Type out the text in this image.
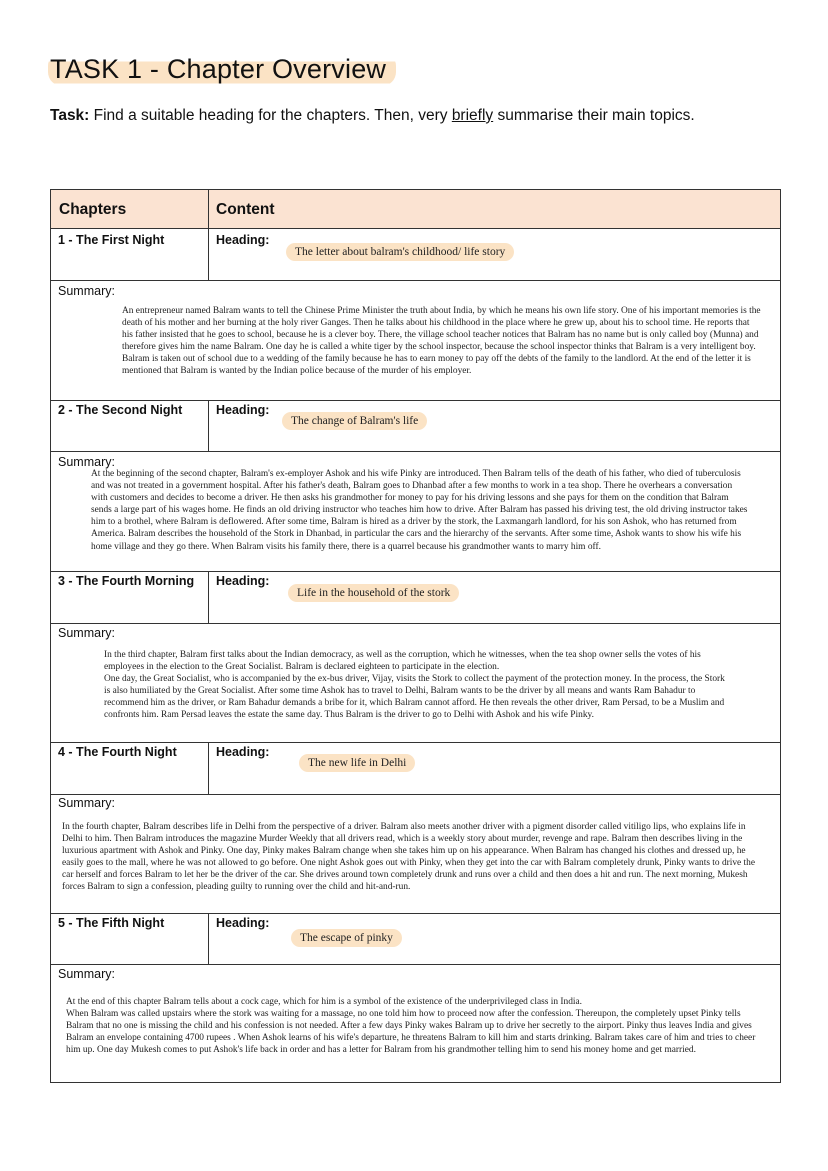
TASK 1 - Chapter Overview
Task: Find a suitable heading for the chapters. Then, very briefly summarise their main topics.
Chapters	Content
1 - The First Night	Heading:
The letter about balram's childhood/ life story
Summary:

An entrepreneur named Balram wants to tell the Chinese Prime Minister the truth about India, by which he means his own life story. One of his important memories is the death of his mother and her burning at the holy river Ganges. Then he talks about his childhood in the place where he grew up, about his to school time. He reports that his father insisted that he goes to school, because he is a clever boy. There, the village school teacher notices that Balram has no name but is only called boy (Munna) and therefore gives him the name Balram. One day he is called a white tiger by the school inspector, because the school inspector thinks that Balram is a very intelligent boy. Balram is taken out of school due to a wedding of the family because he has to earn money to pay off the debts of the family to the landlord. At the end of the letter it is mentioned that Balram is wanted by the Indian police because of the murder of his employer.

2 - The Second Night	Heading:
The change of Balram's life
Summary:

At the beginning of the second chapter, Balram's ex-employer Ashok and his wife Pinky are introduced. Then Balram tells of the death of his father, who died of tuberculosis and was not treated in a government hospital. After his father's death, Balram goes to Dhanbad after a few months to work in a tea shop. There he overhears a conversation with customers and decides to become a driver. He then asks his grandmother for money to pay for his driving lessons and she pays for them on the condition that Balram sends a large part of his wages home. He finds an old driving instructor who teaches him how to drive. After Balram has passed his driving test, the old driving instructor takes him to a brothel, where Balram is deflowered. After some time, Balram is hired as a driver by the stork, the Laxmangarh landlord, for his son Ashok, who has returned from America. Balram describes the household of the Stork in Dhanbad, in particular the cars and the hierarchy of the servants. After some time, Ashok wants to show his wife his home village and they go there. When Balram visits his family there, there is a quarrel because his grandmother wants to marry him off.

3 - The Fourth Morning Heading:
Life in the household of the stork
Summary:

In the third chapter, Balram first talks about the Indian democracy, as well as the corruption, which he witnesses, when the tea shop owner sells the votes of his employees in the election to the Great Socialist. Balram is declared eighteen to participate in the election.

One day, the Great Socialist, who is accompanied by the ex-bus driver, Vijay, visits the Stork to collect the payment of the protection money. In the process, the Stork is also humiliated by the Great Socialist. After some time Ashok has to travel to Delhi, Balram wants to be the driver by all means and wants Ram Bahadur to recommend him as the driver, or Ram Bahadur demands a bribe for it, which Balram cannot afford. He then reveals the other driver, Ram Persad, to be a Muslim and confronts him. Ram Persad leaves the estate the same day. Thus Balram is the driver to go to Delhi with Ashok and his wife Pinky.

4 - The Fourth Night	Heading:
The new life in Delhi
Summary:

In the fourth chapter, Balram describes life in Delhi from the perspective of a driver. Balram also meets another driver with a pigment disorder called vitiligo lips, who explains life in Delhi to him. Then Balram introduces the magazine Murder Weekly that all drivers read, which is a weekly story about murder, revenge and rape. Balram then describes living in the luxurious apartment with Ashok and Pinky. One day, Pinky makes Balram change when she takes him up on his appearance. When Balram has changed his clothes and dressed up, he easily goes to the mall, where he was not allowed to go before. One night Ashok goes out with Pinky, when they get into the car with Balram completely drunk, Pinky wants to drive the car herself and forces Balram to let her be the driver of the car. She drives around town completely drunk and runs over a child and then does a hit and run. The next morning, Mukesh forces Balram to sign a confession, pleading guilty to running over the child and hit-and-run.

5 - The Fifth Night	Heading:
The escape of pinky
Summary:

At the end of this chapter Balram tells about a cock cage, which for him is a symbol of the existence of the underprivileged class in India.

When Balram was called upstairs where the stork was waiting for a massage, no one told him how to proceed now after the confession. Thereupon, the completely upset Pinky tells Balram that no one is missing the child and his confession is not needed. After a few days Pinky wakes Balram up to drive her secretly to the airport. Pinky thus leaves India and gives Balram an envelope containing 4700 rupees . When Ashok learns of his wife's departure, he threatens Balram to kill him and starts drinking. Balram takes care of him and tries to cheer him up. One day Mukesh comes to put Ashok's life back in order and has a letter for Balram from his grandmother telling him to send his money home and get married.
